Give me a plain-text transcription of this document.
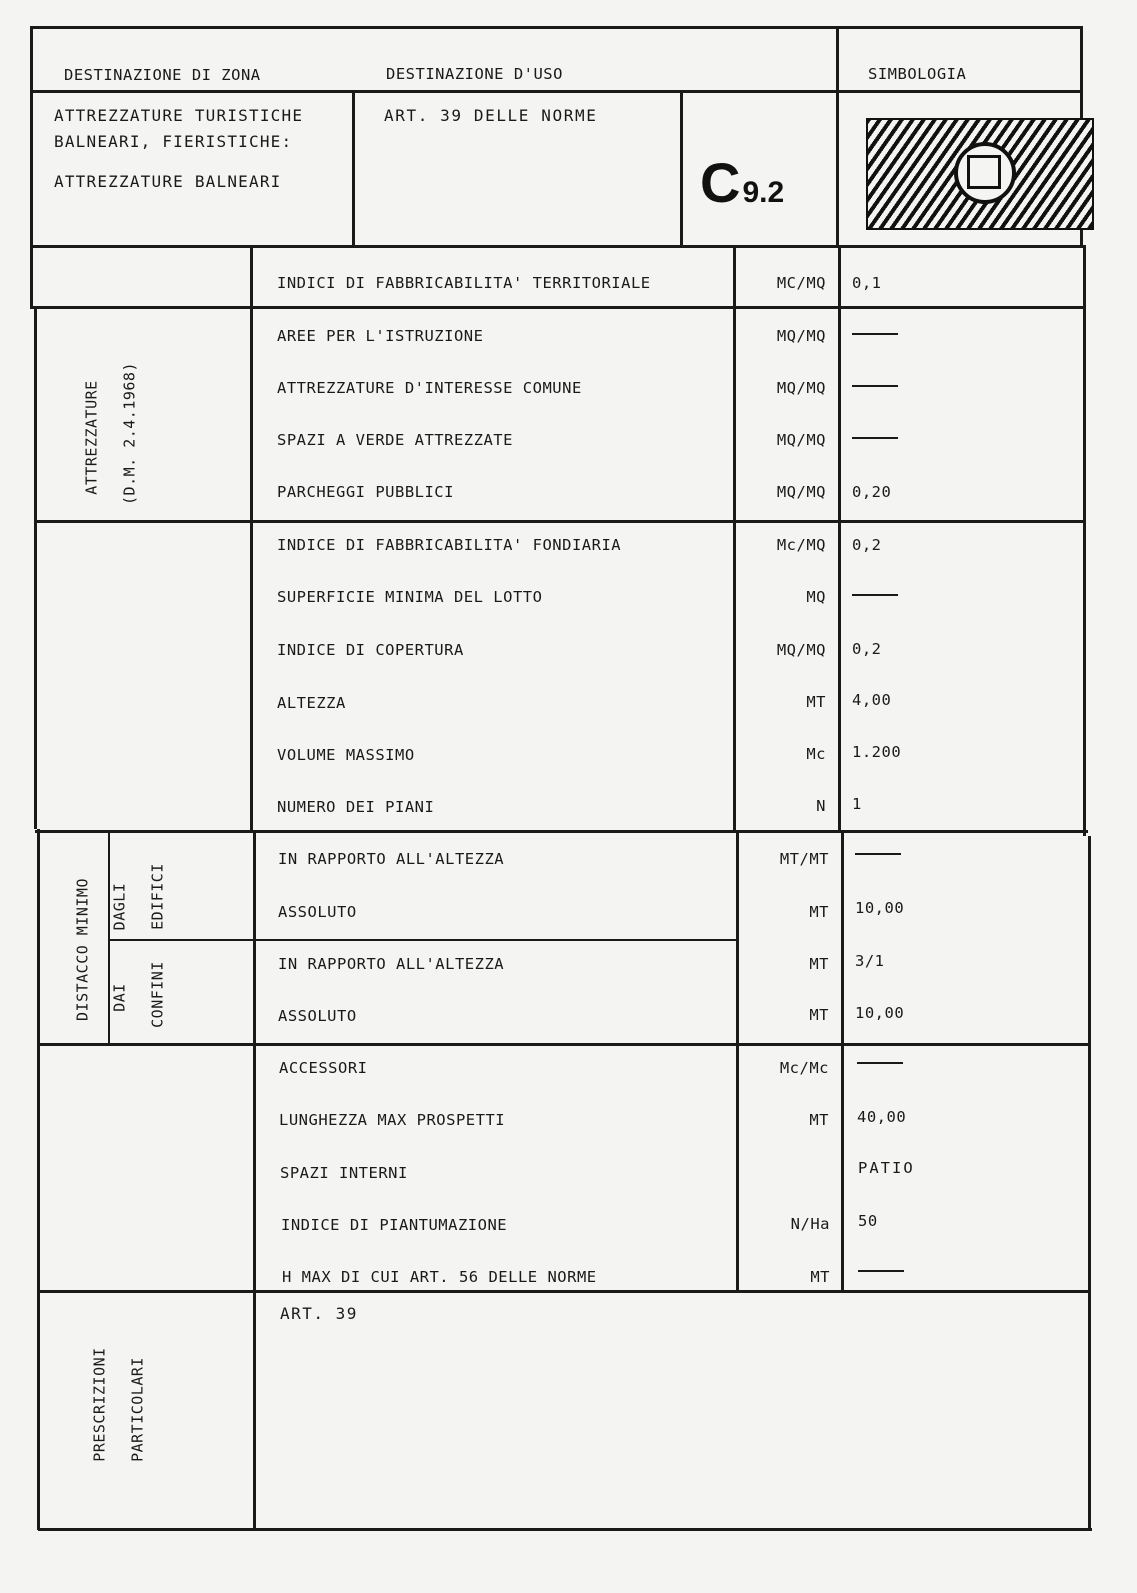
DESTINAZIONE DI ZONA	DESTINAZIONE D'USO	SIMBOLOGIA
ATTREZZATURE TURISTICHE
BALNEARI, FIERISTICHE:
ATTREZZATURE BALNEARI
ART. 39 DELLE NORME
C9.2
ATTREZZATURE (D.M. 2.4.1968)
DISTACCO MINIMO DAGLI EDIFICI
DAI CONFINI
PRESCRIZIONI PARTICOLARI
INDICI DI FABBRICABILITA' TERRITORIALE	MC/MQ 0,1
AREE PER L'ISTRUZIONE	MQ/MQ
ATTREZZATURE D'INTERESSE COMUNE	MQ/MQ
SPAZI A VERDE ATTREZZATE	MQ/MQ
PARCHEGGI PUBBLICI	MQ/MQ 0,20
INDICE DI FABBRICABILITA' FONDIARIA	Mc/MQ 0,2
SUPERFICIE MINIMA DEL LOTTO	MQ
INDICE DI COPERTURA	MQ/MQ 0,2
ALTEZZA	MT 4,00
VOLUME MASSIMO	Mc 1.200
NUMERO DEI PIANI	N 1
IN RAPPORTO ALL'ALTEZZA	MT/MT
ASSOLUTO	MT 10,00
IN RAPPORTO ALL'ALTEZZA	MT 3/1
ASSOLUTO	MT 10,00
ACCESSORI	Mc/Mc
LUNGHEZZA MAX PROSPETTI	MT 40,00
SPAZI INTERNI	PATIO
INDICE DI PIANTUMAZIONE	N/Ha 50
H MAX DI CUI ART. 56 DELLE NORME	MT
ART. 39
